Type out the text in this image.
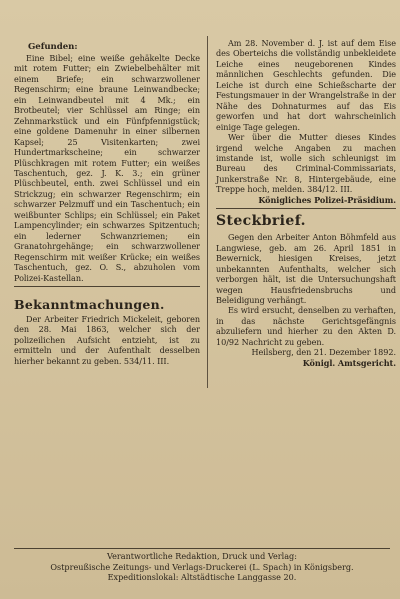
Gefunden:

Eine Bibel; eine weiße gehäkelte Decke mit rotem Futter; ein Zwiebelbehälter mit einem Briefe; ein schwarzwollener Regenschirm; eine braune Leinwandbecke; ein Leinwandbeutel mit 4 Mk.; ein Brotbeutel; vier Schlüssel am Ringe; ein Zehnmarkstück und ein Fünfpfennigstück; eine goldene Damenuhr in einer silbernen Kapsel; 25 Visitenkarten; zwei Hundertmarkscheine; ein schwarzer Plüschkragen mit rotem Futter; ein weißes Taschentuch, gez. J. K. 3.; ein grüner Plüschbeutel, enth. zwei Schlüssel und ein Strickzug; ein schwarzer Regenschirm; ein schwarzer Pelzmuff und ein Taschentuch; ein weißbunter Schlips; ein Schlüssel; ein Paket Lampencylinder; ein schwarzes Spitzentuch; ein lederner Schwanzriemen; ein Granatohrgehänge; ein schwarzwollener Regenschirm mit weißer Krücke; ein weißes Taschentuch, gez. O. S., abzuholen vom Polizei-Kastellan.

Bekanntmachungen.

Der Arbeiter Friedrich Mickeleit, geboren den 28. Mai 1863, welcher sich der polizeilichen Aufsicht entzieht, ist zu ermitteln und der Aufenthalt desselben hierher bekannt zu geben. 534/11. III.

Am 28. November d. J. ist auf dem Eise des Oberteichs die vollständig unbekleidete Leiche eines neugeborenen Kindes männlichen Geschlechts gefunden. Die Leiche ist durch eine Schießscharte der Festungsmauer in der Wrangelstraße in der Nähe des Dohnaturmes auf das Eis geworfen und hat dort wahrscheinlich einige Tage gelegen.

Wer über die Mutter dieses Kindes irgend welche Angaben zu machen imstande ist, wolle sich schleunigst im Bureau des Criminal-Commissariats, Junkerstraße Nr. 8, Hintergebäude, eine Treppe hoch, melden. 384/12. III.

Königliches Polizei-Präsidium.

Steckbrief.

Gegen den Arbeiter Anton Böhmfeld aus Langwiese, geb. am 26. April 1851 in Bewernick, hiesigen Kreises, jetzt unbekannten Aufenthalts, welcher sich verborgen hält, ist die Untersuchungshaft wegen Hausfriedensbruchs und Beleidigung verhängt.

Es wird ersucht, denselben zu verhaften, in das nächste Gerichtsgefängnis abzuliefern und hierher zu den Akten D. 10/92 Nachricht zu geben.

Heilsberg, den 21. Dezember 1892.

Königl. Amtsgericht.

Verantwortliche Redaktion, Druck und Verlag:
Ostpreußische Zeitungs- und Verlags-Druckerei (L. Spach) in Königsberg.
Expeditionslokal: Altstädtische Langgasse 20.
